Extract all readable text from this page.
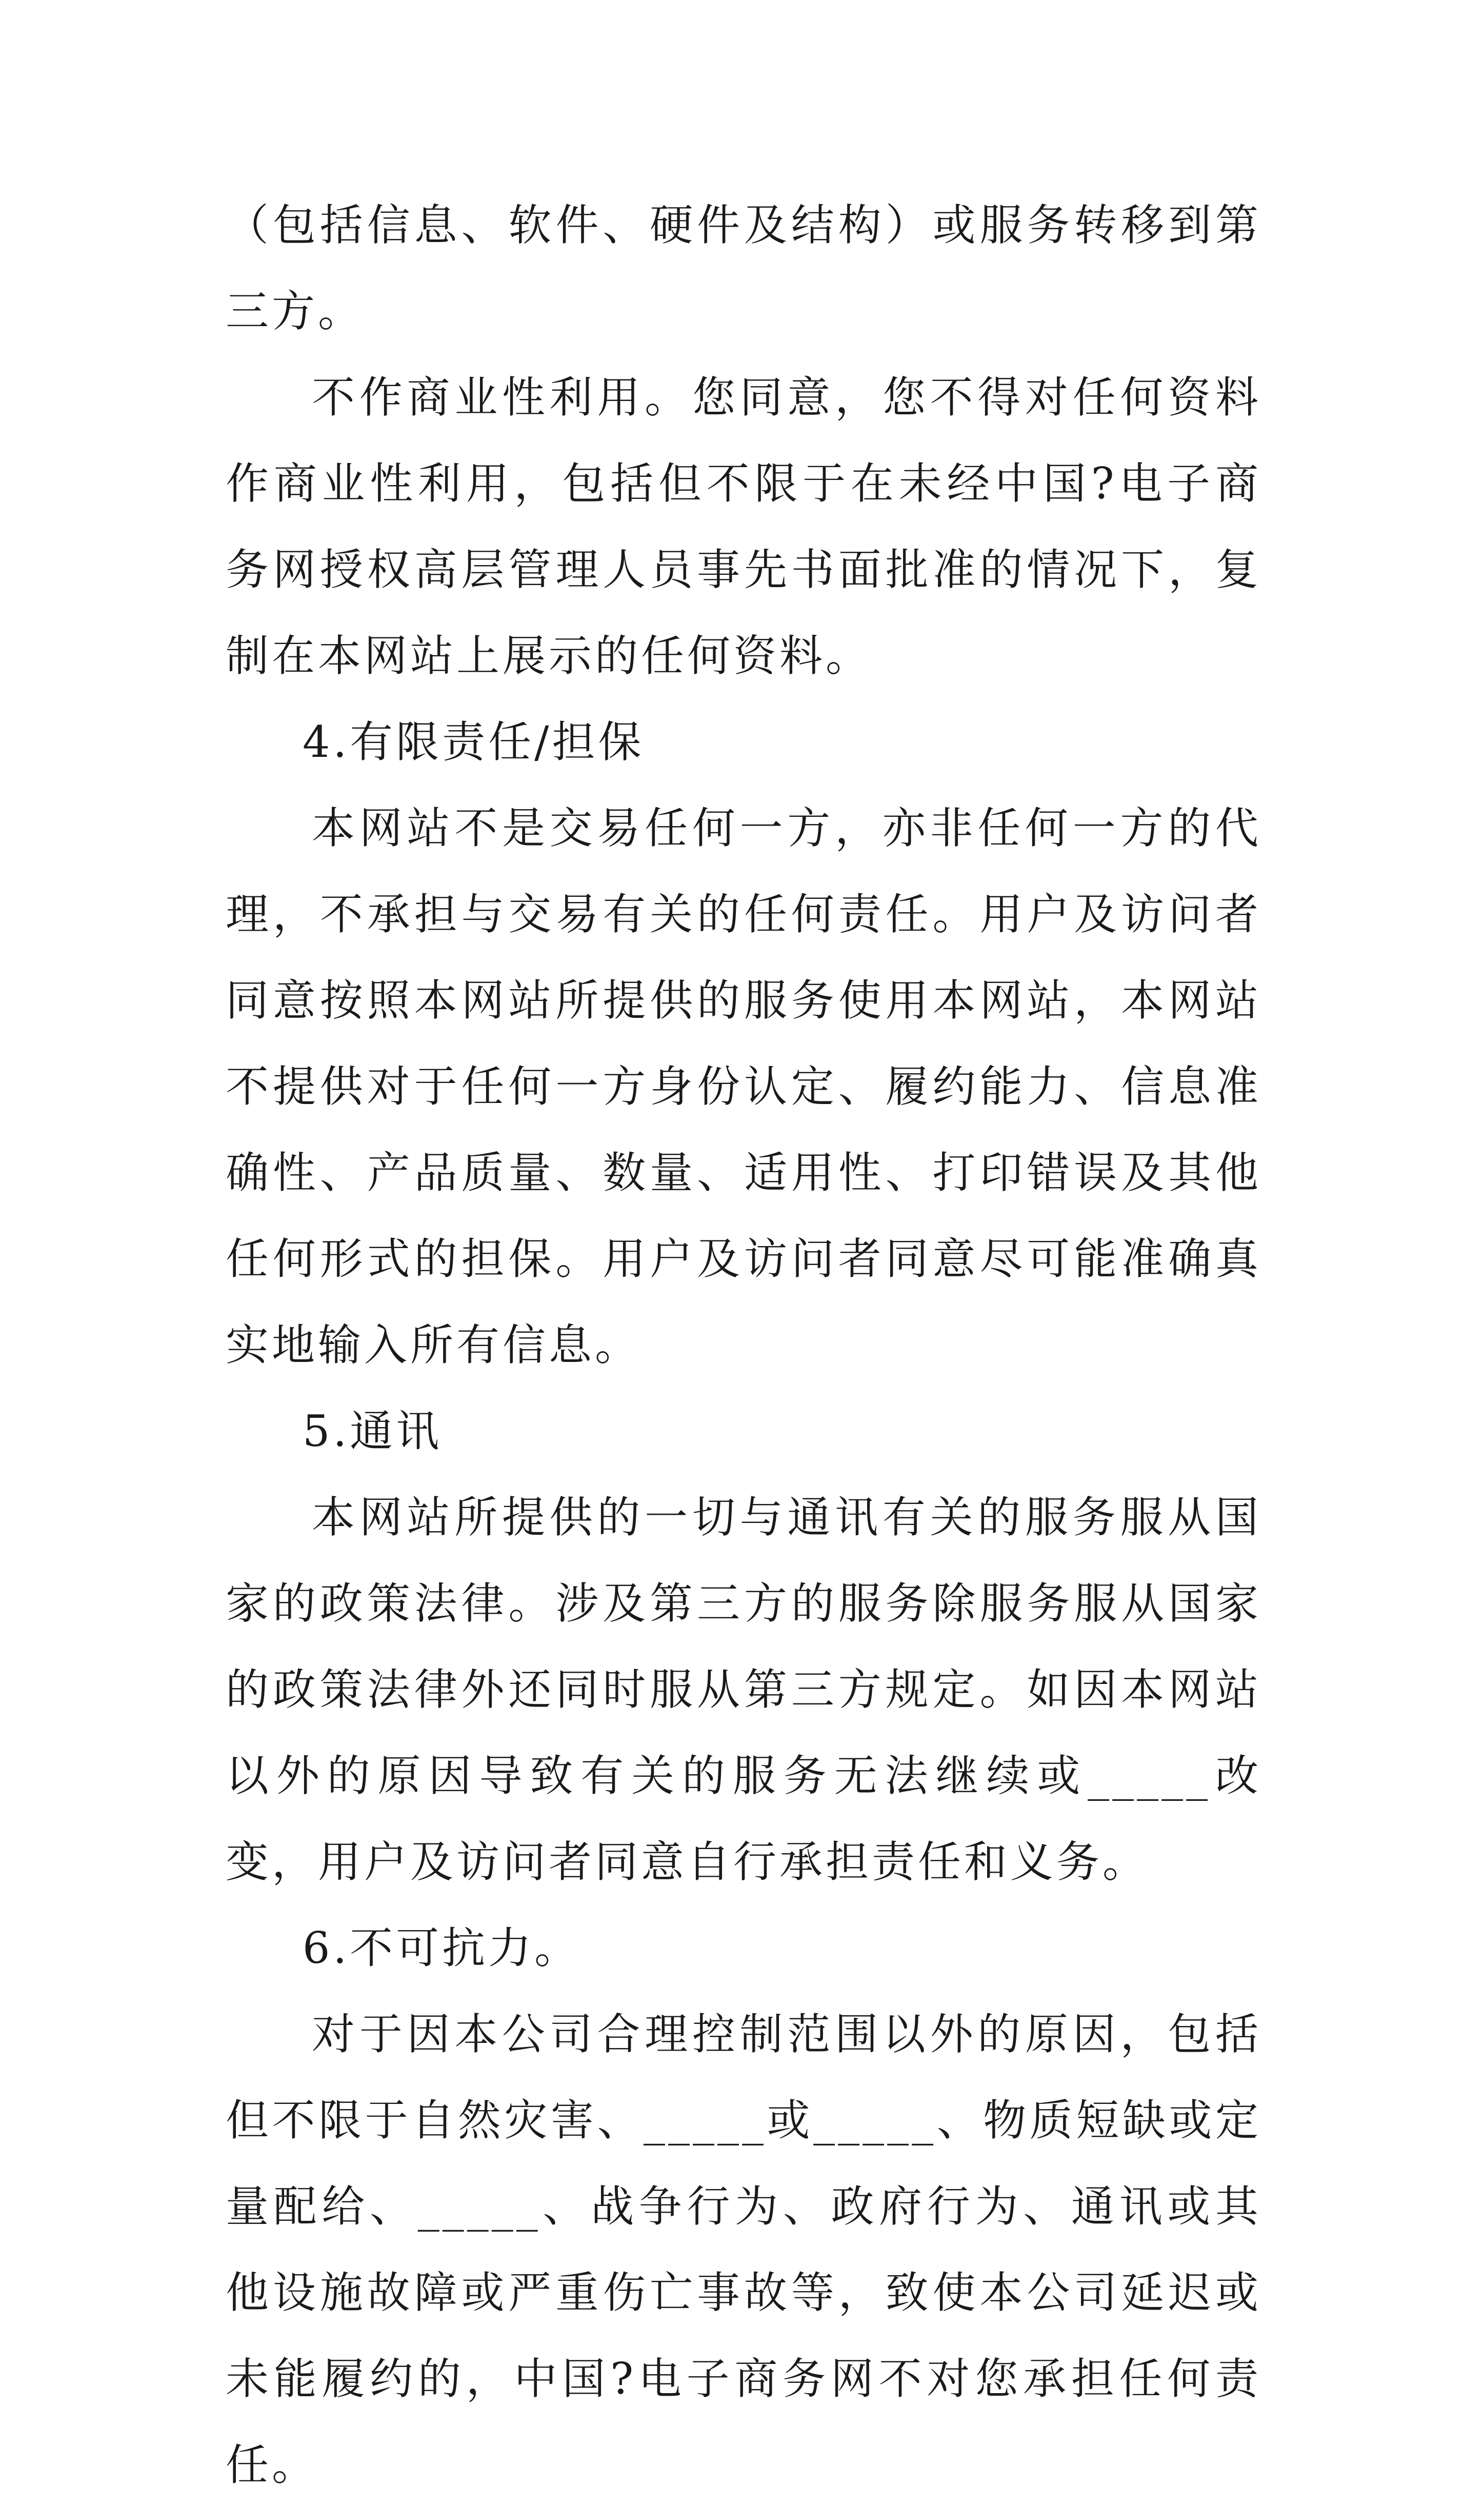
（包括信息、软件、硬件及结构）或服务转移到第三方。

不作商业性利用。您同意，您不得对任何资料作商业性利用，包括但不限于在未经中国?电子商务网授权高层管理人员事先书面批准的情况下，复制在本网站上展示的任何资料。

4.有限责任/担保

本网站不是交易任何一方，亦非任何一方的代理，不承担与交易有关的任何责任。用户及访问者同意按照本网站所提供的服务使用本网站，本网站不提供对于任何一方身份认定、履约能力、信息准确性、产品质量、数量、适用性、打印错误及其他任何形式的担保。用户及访问者同意尽可能准确真实地输入所有信息。

5.通讯

本网站所提供的一切与通讯有关的服务服从国家的政策法律。涉及第三方的服务除服务服从国家的政策法律外还同时服从第三方规定。如因本网站以外的原因导致有关的服务无法继续或_____改变，用户及访问者同意自行承担责任和义务。

6.不可抗力。

对于因本公司合理控制范围以外的原因，包括但不限于自然灾害、_____或_____、物质短缺或定量配给、_____、战争行为、政府行为、通讯或其他设施故障或严重伤亡事故等，致使本公司延迟或未能履约的，中国?电子商务网不对您承担任何责任。
